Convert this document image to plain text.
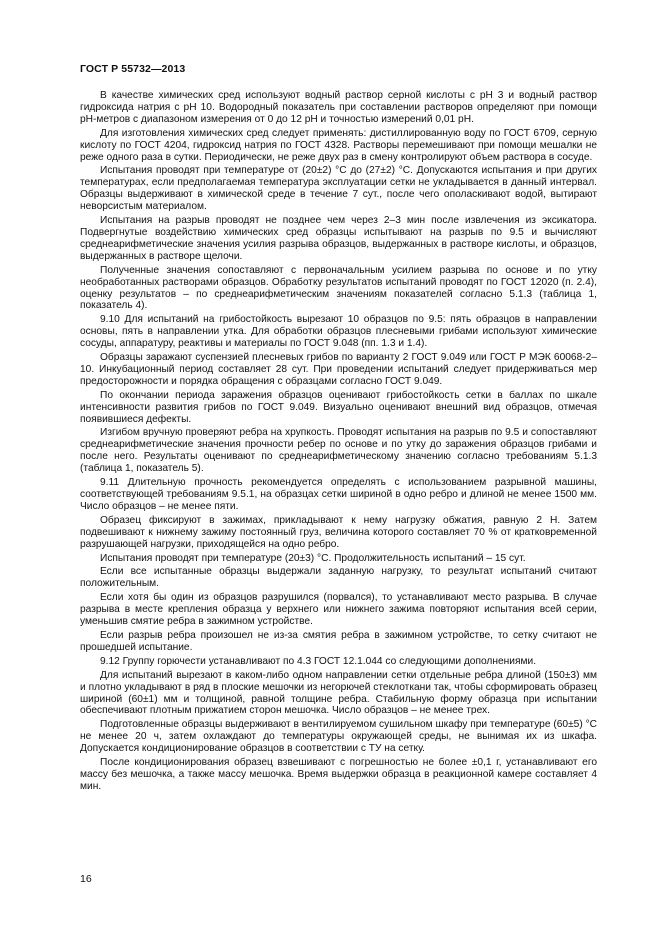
ГОСТ Р 55732—2013

В качестве химических сред используют водный раствор серной кислоты с рН 3 и водный раствор гидроксида натрия с рН 10. Водородный показатель при составлении растворов определяют при помощи рН-метров с диапазоном измерения от 0 до 12 рН и точностью измерений 0,01 рН.

Для изготовления химических сред следует применять: дистиллированную воду по ГОСТ 6709, серную кислоту по ГОСТ 4204, гидроксид натрия по ГОСТ 4328. Растворы перемешивают при помощи мешалки не реже одного раза в сутки. Периодически, не реже двух раз в смену контролируют объем раствора в сосуде.

Испытания проводят при температуре от (20±2) °C до (27±2) °C. Допускаются испытания и при других температурах, если предполагаемая температура эксплуатации сетки не укладывается в данный интервал. Образцы выдерживают в химической среде в течение 7 сут., после чего ополаскивают водой, вытирают неворсистым материалом.

Испытания на разрыв проводят не позднее чем через 2–3 мин после извлечения из эксикатора. Подвергнутые воздействию химических сред образцы испытывают на разрыв по 9.5 и вычисляют среднеарифметические значения усилия разрыва образцов, выдержанных в растворе кислоты, и образцов, выдержанных в растворе щелочи.

Полученные значения сопоставляют с первоначальным усилием разрыва по основе и по утку необработанных растворами образцов. Обработку результатов испытаний проводят по ГОСТ 12020 (п. 2.4), оценку результатов – по среднеарифметическим значениям показателей согласно 5.1.3 (таблица 1, показатель 4).

9.10 Для испытаний на грибостойкость вырезают 10 образцов по 9.5: пять образцов в направлении основы, пять в направлении утка. Для обработки образцов плесневыми грибами используют химические сосуды, аппаратуру, реактивы и материалы по ГОСТ 9.048 (пп. 1.3 и 1.4).

Образцы заражают суспензией плесневых грибов по варианту 2 ГОСТ 9.049 или ГОСТ Р МЭК 60068-2–10. Инкубационный период составляет 28 сут. При проведении испытаний следует придерживаться мер предосторожности и порядка обращения с образцами согласно ГОСТ 9.049.

По окончании периода заражения образцов оценивают грибостойкость сетки в баллах по шкале интенсивности развития грибов по ГОСТ 9.049. Визуально оценивают внешний вид образцов, отмечая появившиеся дефекты.

Изгибом вручную проверяют ребра на хрупкость. Проводят испытания на разрыв по 9.5 и сопоставляют среднеарифметические значения прочности ребер по основе и по утку до заражения образцов грибами и после него. Результаты оценивают по среднеарифметическому значению согласно требованиям 5.1.3 (таблица 1, показатель 5).

9.11 Длительную прочность рекомендуется определять с использованием разрывной машины, соответствующей требованиям 9.5.1, на образцах сетки шириной в одно ребро и длиной не менее 1500 мм. Число образцов – не менее пяти.

Образец фиксируют в зажимах, прикладывают к нему нагрузку обжатия, равную 2 Н. Затем подвешивают к нижнему зажиму постоянный груз, величина которого составляет 70 % от кратковременной разрушающей нагрузки, приходящейся на одно ребро.

Испытания проводят при температуре (20±3) °C. Продолжительность испытаний – 15 сут.

Если все испытанные образцы выдержали заданную нагрузку, то результат испытаний считают положительным.

Если хотя бы один из образцов разрушился (порвался), то устанавливают место разрыва. В случае разрыва в месте крепления образца у верхнего или нижнего зажима повторяют испытания всей серии, уменьшив смятие ребра в зажимном устройстве.

Если разрыв ребра произошел не из-за смятия ребра в зажимном устройстве, то сетку считают не прошедшей испытание.

9.12 Группу горючести устанавливают по 4.3 ГОСТ 12.1.044 со следующими дополнениями.

Для испытаний вырезают в каком-либо одном направлении сетки отдельные ребра длиной (150±3) мм и плотно укладывают в ряд в плоские мешочки из негорючей стеклоткани так, чтобы сформировать образец шириной (60±1) мм и толщиной, равной толщине ребра. Стабильную форму образца при испытании обеспечивают плотным прижатием сторон мешочка. Число образцов – не менее трех.

Подготовленные образцы выдерживают в вентилируемом сушильном шкафу при температуре (60±5) °C не менее 20 ч, затем охлаждают до температуры окружающей среды, не вынимая их из шкафа. Допускается кондиционирование образцов в соответствии с ТУ на сетку.

После кондиционирования образец взвешивают с погрешностью не более ±0,1 г, устанавливают его массу без мешочка, а также массу мешочка. Время выдержки образца в реакционной камере составляет 4 мин.

16
